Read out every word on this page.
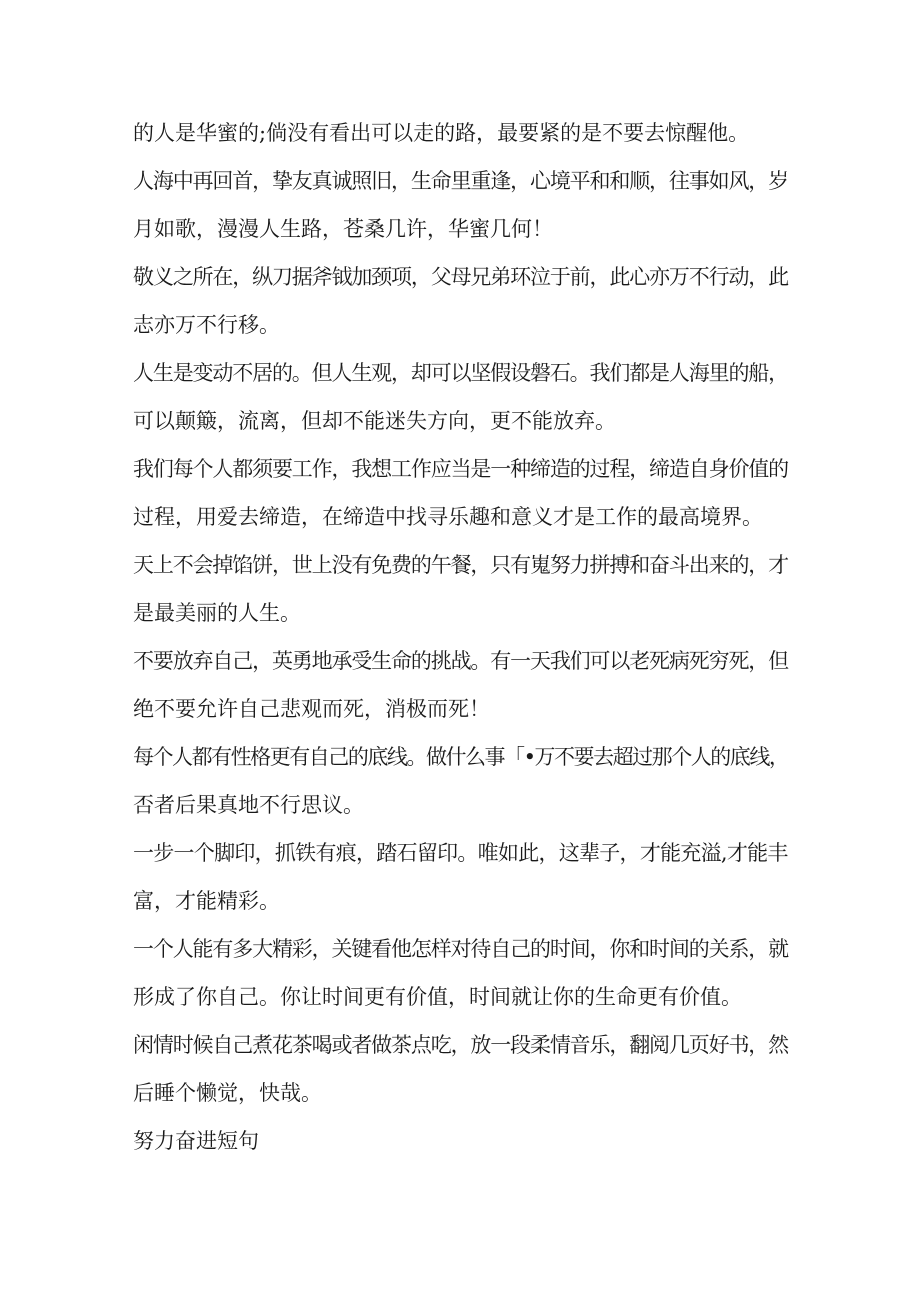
的人是华蜜的;倘没有看出可以走的路，最要紧的是不要去惊醒他。

人海中再回首，挚友真诚照旧，生命里重逢，心境平和和顺，往事如风，岁

月如歌，漫漫人生路，苍桑几许，华蜜几何！

敬义之所在，纵刀据斧钺加颈项，父母兄弟环泣于前，此心亦万不行动，此

志亦万不行移。

人生是变动不居的。但人生观，却可以坚假设磐石。我们都是人海里的船，

可以颠簸，流离，但却不能迷失方向，更不能放弃。

我们每个人都须要工作，我想工作应当是一种缔造的过程，缔造自身价值的

过程，用爱去缔造，在缔造中找寻乐趣和意义才是工作的最高境界。

天上不会掉馅饼，世上没有免费的午餐，只有嵬努力拼搏和奋斗出来的，才

是最美丽的人生。

不要放弃自己，英勇地承受生命的挑战。有一天我们可以老死病死穷死，但

绝不要允许自己悲观而死，消极而死！

每个人都有性格更有自己的底线。做什么事「•万不要去超过那个人的底线，

否者后果真地不行思议。

一步一个脚印，抓铁有痕，踏石留印。唯如此，这辈子，才能充溢,才能丰

富，才能精彩。

一个人能有多大精彩，关键看他怎样对待自己的时间，你和时间的关系，就

形成了你自己。你让时间更有价值，时间就让你的生命更有价值。

闲情时候自己煮花茶喝或者做茶点吃，放一段柔情音乐，翻阅几页好书，然

后睡个懒觉，快哉。

努力奋进短句
